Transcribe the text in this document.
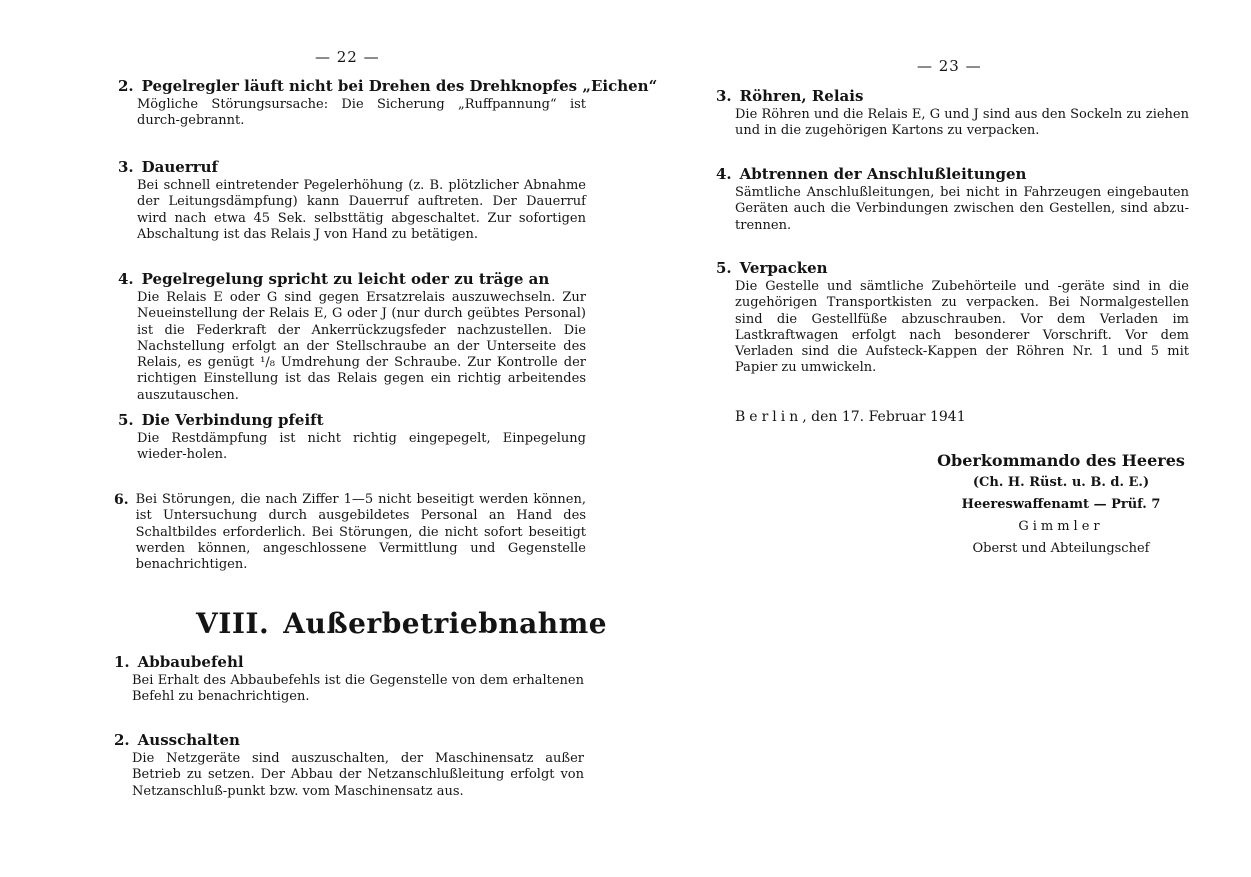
— 22 —
2. Pegelregler läuft nicht bei Drehen des Drehknopfes „Eichen“
Mögliche Störungsursache: Die Sicherung „Ruffpannung“ ist durch-gebrannt.
3. Dauerruf
Bei schnell eintretender Pegelerhöhung (z. B. plötzlicher Abnahme der Leitungsdämpfung) kann Dauerruf auftreten. Der Dauerruf wird nach etwa 45 Sek. selbsttätig abgeschaltet. Zur sofortigen Abschaltung ist das Relais J von Hand zu betätigen.
4. Pegelregelung spricht zu leicht oder zu träge an
Die Relais E oder G sind gegen Ersatzrelais auszuwechseln. Zur Neueinstellung der Relais E, G oder J (nur durch geübtes Personal) ist die Federkraft der Ankerrückzugsfeder nachzustellen. Die Nachstellung erfolgt an der Stellschraube an der Unterseite des Relais, es genügt ¹/₈ Umdrehung der Schraube. Zur Kontrolle der richtigen Einstellung ist das Relais gegen ein richtig arbeitendes auszutauschen.
5. Die Verbindung pfeift
Die Restdämpfung ist nicht richtig eingepegelt, Einpegelung wieder-holen.
6. Bei Störungen, die nach Ziffer 1—5 nicht beseitigt werden können, ist Untersuchung durch ausgebildetes Personal an Hand des Schaltbildes erforderlich. Bei Störungen, die nicht sofort beseitigt werden können, angeschlossene Vermittlung und Gegenstelle benachrichtigen.
VIII. Außerbetriebnahme
1. Abbaubefehl
Bei Erhalt des Abbaubefehls ist die Gegenstelle von dem erhaltenen Befehl zu benachrichtigen.
2. Ausschalten
Die Netzgeräte sind auszuschalten, der Maschinensatz außer Betrieb zu setzen. Der Abbau der Netzanschlußleitung erfolgt von Netzanschluß-punkt bzw. vom Maschinensatz aus.
— 23 —
3. Röhren, Relais
Die Röhren und die Relais E, G und J sind aus den Sockeln zu ziehen und in die zugehörigen Kartons zu verpacken.
4. Abtrennen der Anschlußleitungen
Sämtliche Anschlußleitungen, bei nicht in Fahrzeugen eingebauten Geräten auch die Verbindungen zwischen den Gestellen, sind abzu-trennen.
5. Verpacken
Die Gestelle und sämtliche Zubehörteile und -geräte sind in die zugehörigen Transportkisten zu verpacken. Bei Normalgestellen sind die Gestellfüße abzuschrauben. Vor dem Verladen im Lastkraftwagen erfolgt nach besonderer Vorschrift. Vor dem Verladen sind die Aufsteck-Kappen der Röhren Nr. 1 und 5 mit Papier zu umwickeln.
Berlin, den 17. Februar 1941
Oberkommando des Heeres
(Ch. H. Rüst. u. B. d. E.)
Heereswaffenamt — Prüf. 7
Gimmler
Oberst und Abteilungschef
